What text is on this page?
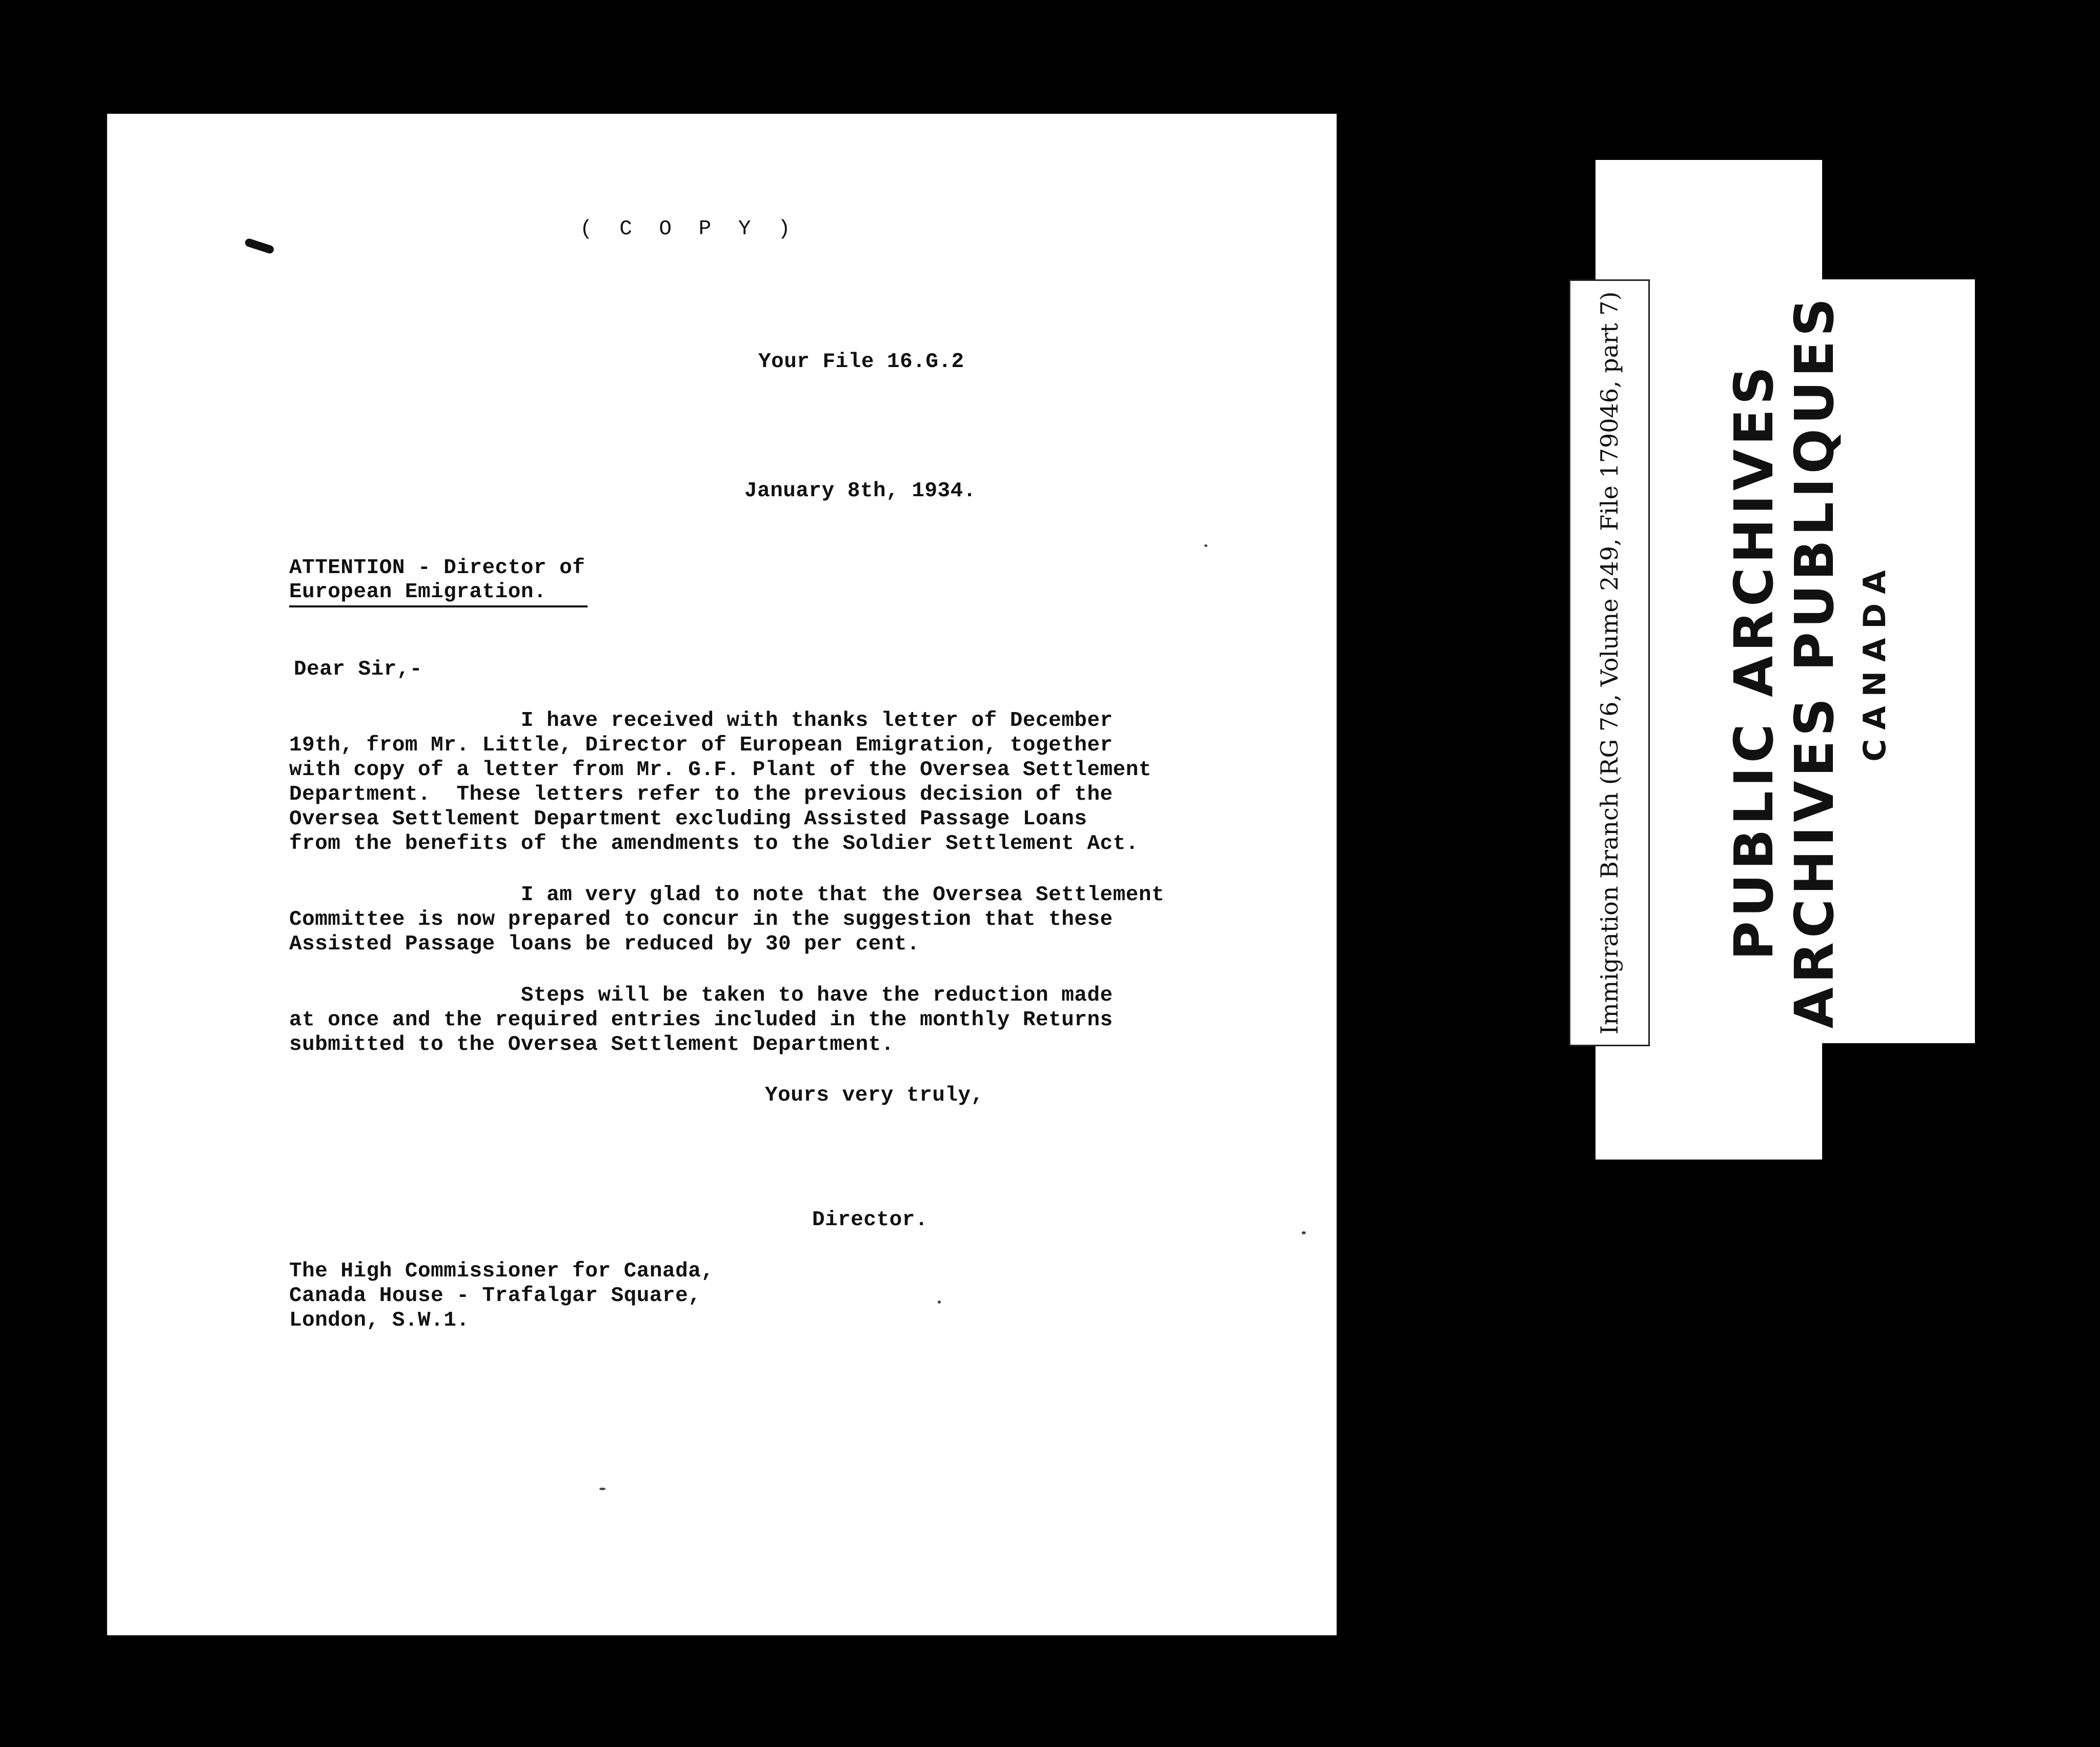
( C O P Y )

Your File 16.G.2

January 8th, 1934.

ATTENTION - Director of

European Emigration.

Dear Sir,-

I have received with thanks letter of December
19th, from Mr. Little, Director of European Emigration, together
with copy of a letter from Mr. G.F. Plant of the Oversea Settlement
Department.  These letters refer to the previous decision of the
Oversea Settlement Department excluding Assisted Passage Loans
from the benefits of the amendments to the Soldier Settlement Act.
I am very glad to note that the Oversea Settlement
Committee is now prepared to concur in the suggestion that these
Assisted Passage loans be reduced by 30 per cent.
Steps will be taken to have the reduction made
at once and the required entries included in the monthly Returns
submitted to the Oversea Settlement Department.

Yours very truly,

Director.

The High Commissioner for Canada,
Canada House - Trafalgar Square,
London, S.W.1.
PUBLIC ARCHIVES
ARCHIVES PUBLIQUES CANADA
Immigration Branch (RG 76, Volume 249, File 179046, part 7)
